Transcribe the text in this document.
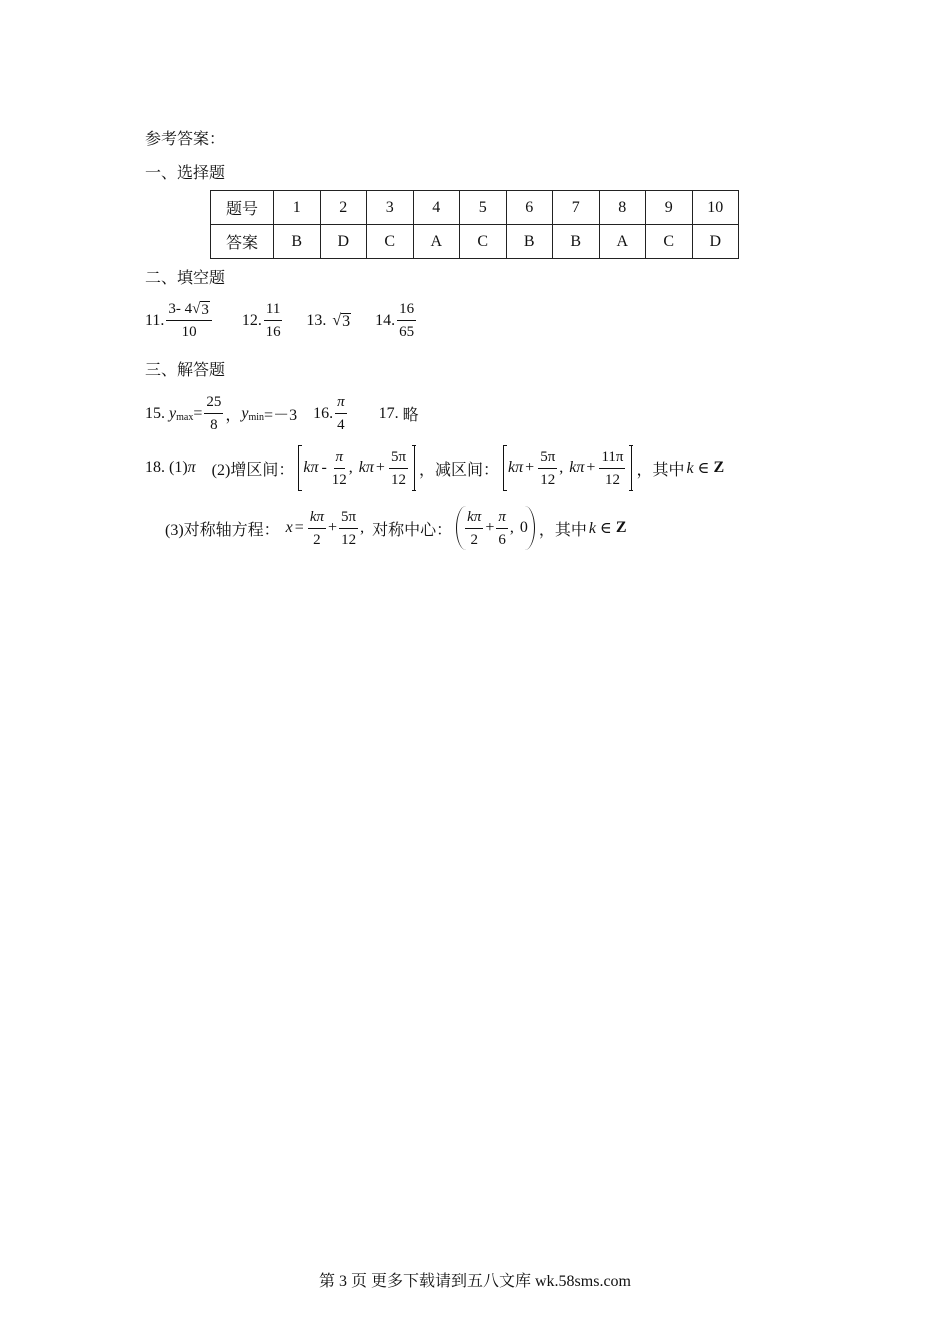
参考答案：
一、选择题
题号	1	2	3	4	5	6	7	8	9	10
答案	B	D	C	A	C	B	B	A	C	D
二、填空题
11. $\frac{3- 4√ 3}{10} 12$. $\frac{11}{16} 13$. √ 3 14. $\frac{16}{65}$
三、解答题
15. y $\max = \frac{25}{8}$ ， y min =－3 16. $\frac{\pi}{4} 17$. 略
18. (1) π (2)增区间： kπ - $\frac{\pi}{12}$ , $k\pi + \frac{5\pi}{12}$ ，减区间： $k\pi + \frac{5\pi}{12}$ , $k\pi + \frac{11\pi}{12}$ ，其中 k ∈ Z
(3)对称轴方程： $x = \frac{k\pi}{2} + \frac{5\pi}{12}$ , 对称中心： $\frac{k\pi}{2} + \frac{\pi}{6}$ , 0 ，其中 k ∈ Z
第 3 页 更多下载请到五八文库 wk.58sms.com
